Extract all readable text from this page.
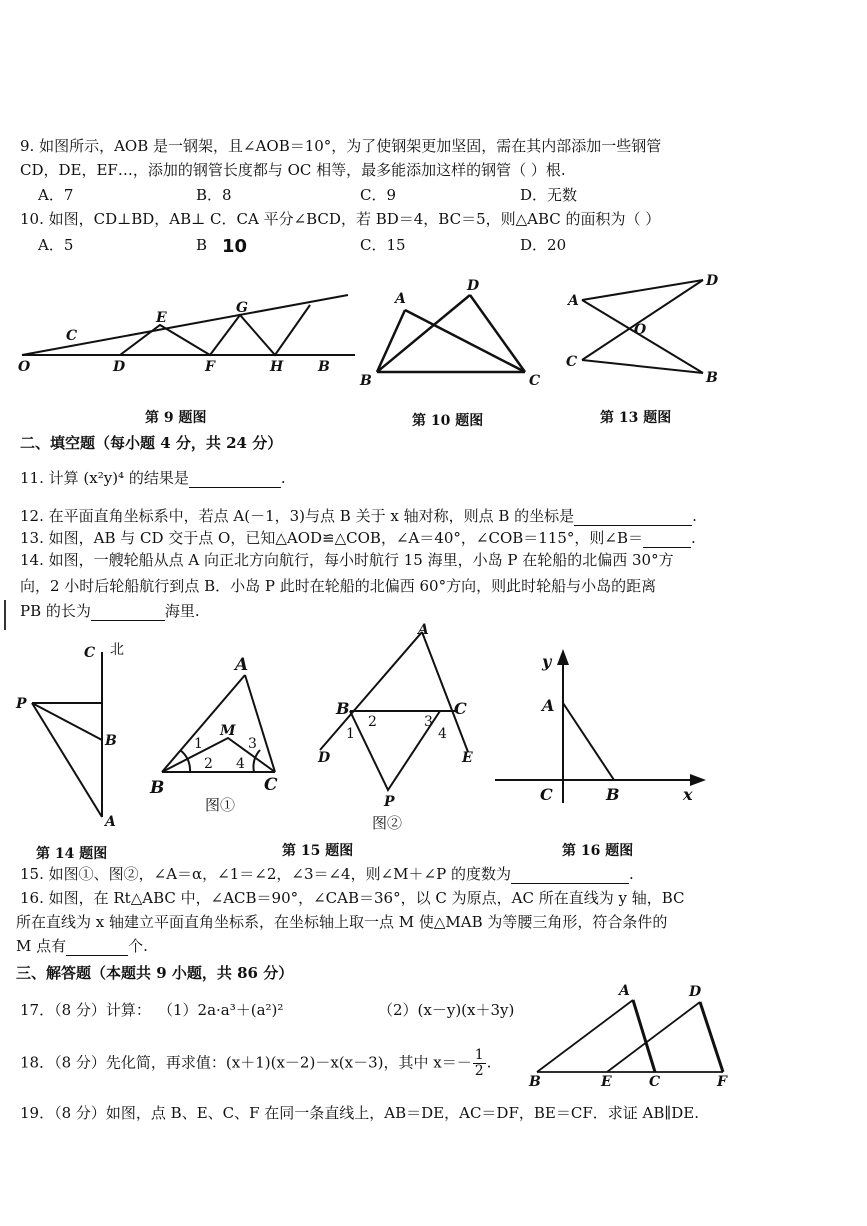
9. 如图所示，AOB 是一钢架，且∠AOB＝10°，为了使钢架更加坚固，需在其内部添加一些钢管
CD，DE，EF…，添加的钢管长度都与 OC 相等，最多能添加这样的钢管（ ）根.
A．7	B．8	C．9	D．无数
10. 如图，CD⊥BD，AB⊥ C．CA 平分∠BCD，若 BD＝4，BC＝5，则△ABC 的面积为（ ）
A．5	B 10	C．15	D．20
O
C
D
E
F
G
H B
第 9 题图
A
D
B	C
第 10 题图
A
D
O
C
B
第 13 题图
二、填空题（每小题 4 分，共 24 分）
11. 计算 (x²y)⁴ 的结果是	.
12. 在平面直角坐标系中，若点 A(－1，3)与点 B 关于 x 轴对称，则点 B 的坐标是	.
13. 如图，AB 与 CD 交于点 O，已知△AOD≌△COB，∠A＝40°，∠COB＝115°，则∠B＝	.
14. 如图，一艘轮船从点 A 向正北方向航行，每小时航行 15 海里，小岛 P 在轮船的北偏西 30°方
向，2 小时后轮船航行到点 B．小岛 P 此时在轮船的北偏西 60°方向，则此时轮船与小岛的距离
PB 的长为	海里.
C 北
P
B
A
第 14 题图
A
M
1
2
3
4
B	C
图①
A
B	C
1
2	3
4
D	E
P
图②
第 15 题图
y
A
C	B	x
第 16 题图
15. 如图①、图②，∠A＝α，∠1＝∠2，∠3＝∠4，则∠M＋∠P 的度数为	.
16. 如图，在 Rt△ABC 中，∠ACB＝90°，∠CAB＝36°，以 C 为原点，AC 所在直线为 y 轴，BC
所在直线为 x 轴建立平面直角坐标系，在坐标轴上取一点 M 使△MAB 为等腰三角形，符合条件的
M 点有	个.
三、解答题（本题共 9 小题，共 86 分）
17．（8 分）计算： （1）2a·a³＋(a²)²	（2）(x－y)(x＋3y)
18．（8 分）先化简，再求值：(x＋1)(x－2)－x(x－3)，其中 $x=- \frac{1}{2}$ .
A	D
B	E	C	F
19．（8 分）如图，点 B、E、C、F 在同一条直线上，AB＝DE，AC＝DF，BE＝CF．求证 AB∥DE.
